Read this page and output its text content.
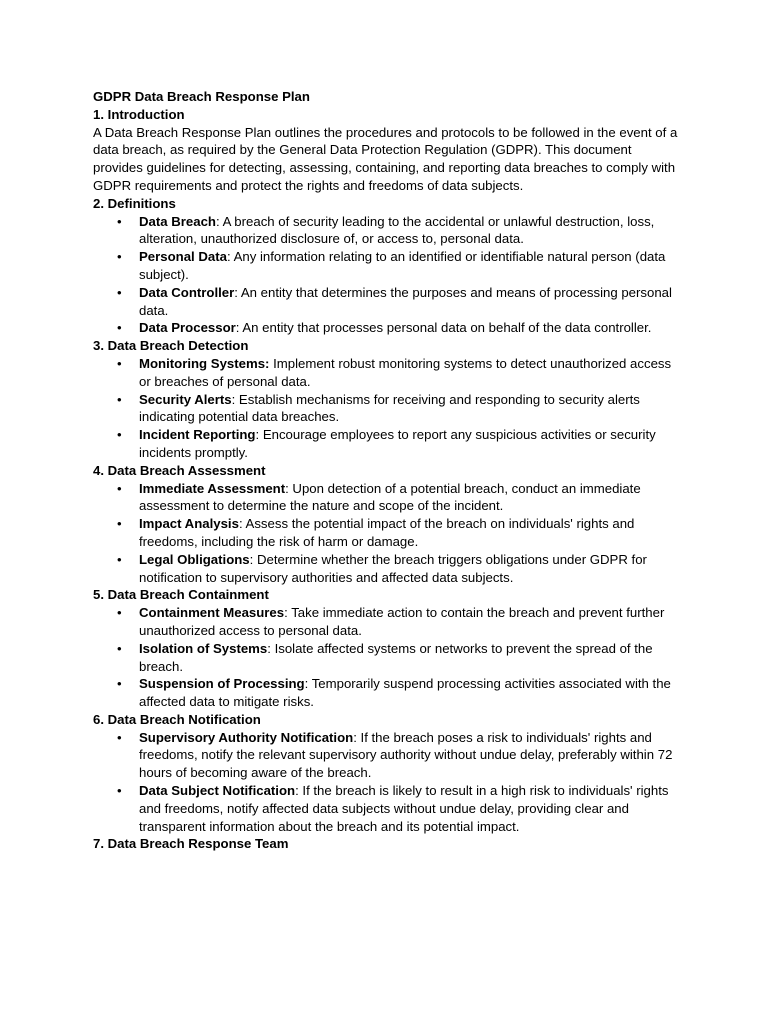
GDPR Data Breach Response Plan
1. Introduction

A Data Breach Response Plan outlines the procedures and protocols to be followed in the event of a data breach, as required by the General Data Protection Regulation (GDPR). This document provides guidelines for detecting, assessing, containing, and reporting data breaches to comply with GDPR requirements and protect the rights and freedoms of data subjects.

2. Definitions
• Data Breach: A breach of security leading to the accidental or unlawful destruction, loss, alteration, unauthorized disclosure of, or access to, personal data.
• Personal Data: Any information relating to an identified or identifiable natural person (data subject).
• Data Controller: An entity that determines the purposes and means of processing personal data.
• Data Processor: An entity that processes personal data on behalf of the data controller.
3. Data Breach Detection
• Monitoring Systems: Implement robust monitoring systems to detect unauthorized access or breaches of personal data.
• Security Alerts: Establish mechanisms for receiving and responding to security alerts indicating potential data breaches.
• Incident Reporting: Encourage employees to report any suspicious activities or security incidents promptly.
4. Data Breach Assessment
• Immediate Assessment: Upon detection of a potential breach, conduct an immediate assessment to determine the nature and scope of the incident.
• Impact Analysis: Assess the potential impact of the breach on individuals' rights and freedoms, including the risk of harm or damage.
• Legal Obligations: Determine whether the breach triggers obligations under GDPR for notification to supervisory authorities and affected data subjects.
5. Data Breach Containment
• Containment Measures: Take immediate action to contain the breach and prevent further unauthorized access to personal data.
• Isolation of Systems: Isolate affected systems or networks to prevent the spread of the breach.
• Suspension of Processing: Temporarily suspend processing activities associated with the affected data to mitigate risks.
6. Data Breach Notification
• Supervisory Authority Notification: If the breach poses a risk to individuals' rights and freedoms, notify the relevant supervisory authority without undue delay, preferably within 72 hours of becoming aware of the breach.
• Data Subject Notification: If the breach is likely to result in a high risk to individuals' rights and freedoms, notify affected data subjects without undue delay, providing clear and transparent information about the breach and its potential impact.
7. Data Breach Response Team
